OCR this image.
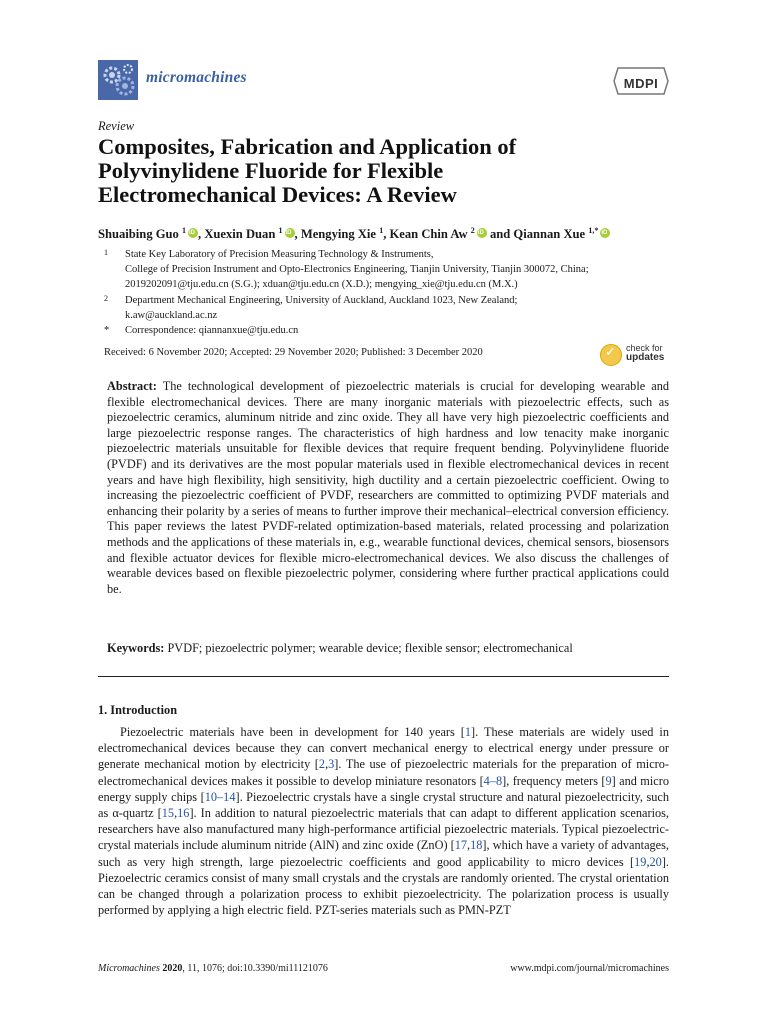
micromachines	MDPI
Review
Composites, Fabrication and Application of
Polyvinylidene Fluoride for Flexible
Electromechanical Devices: A Review
Shuaibing Guo $^1$ iD , Xuexin Duan $^1$ iD , Mengying Xie $^1$, Kean Chin Aw $^2$iD and Qiannan Xue $^{1,*}$iD
1 State Key Laboratory of Precision Measuring Technology & Instruments,
College of Precision Instrument and Opto-Electronics Engineering, Tianjin University, Tianjin 300072, China;
2019202091@tju.edu.cn (S.G.); xduan@tju.edu.cn (X.D.); mengying_xie@tju.edu.cn (M.X.)
2 Department Mechanical Engineering, University of Auckland, Auckland 1023, New Zealand;
k.aw@auckland.ac.nz
* Correspondence: qiannanxue@tju.edu.cn
Received: 6 November 2020; Accepted: 29 November 2020; Published: 3 December 2020 ✓	check for
updates
Abstract: The technological development of piezoelectric materials is crucial for developing wearable and flexible electromechanical devices. There are many inorganic materials with piezoelectric effects, such as piezoelectric ceramics, aluminum nitride and zinc oxide. They all have very high piezoelectric coefficients and large piezoelectric response ranges. The characteristics of high hardness and low tenacity make inorganic piezoelectric materials unsuitable for flexible devices that require frequent bending. Polyvinylidene fluoride (PVDF) and its derivatives are the most popular materials used in flexible electromechanical devices in recent years and have high flexibility, high sensitivity, high ductility and a certain piezoelectric coefficient. Owing to increasing the piezoelectric coefficient of PVDF, researchers are committed to optimizing PVDF materials and enhancing their polarity by a series of means to further improve their mechanical–electrical conversion efficiency. This paper reviews the latest PVDF-related optimization-based materials, related processing and polarization methods and the applications of these materials in, e.g., wearable functional devices, chemical sensors, biosensors and flexible actuator devices for flexible micro-electromechanical devices. We also discuss the challenges of wearable devices based on flexible piezoelectric polymer, considering where further practical applications could be.
Keywords: PVDF; piezoelectric polymer; wearable device; flexible sensor; electromechanical
1. Introduction
Piezoelectric materials have been in development for 140 years [1]. These materials are widely used in electromechanical devices because they can convert mechanical energy to electrical energy under pressure or generate mechanical motion by electricity [2,3]. The use of piezoelectric materials for the preparation of micro-electromechanical devices makes it possible to develop miniature resonators [4–8], frequency meters [9] and micro energy supply chips [10–14]. Piezoelectric crystals have a single crystal structure and natural piezoelectricity, such as α-quartz [15,16]. In addition to natural piezoelectric materials that can adapt to different application scenarios, researchers have also manufactured many high-performance artificial piezoelectric materials. Typical piezoelectric-crystal materials include aluminum nitride (AlN) and zinc oxide (ZnO) [17,18], which have a variety of advantages, such as very high strength, large piezoelectric coefficients and good applicability to micro devices [19,20]. Piezoelectric ceramics consist of many small crystals and the crystals are randomly oriented. The crystal orientation can be changed through a polarization process to exhibit piezoelectricity. The polarization process is usually performed by applying a high electric field. PZT-series materials such as PMN-PZT
Micromachines 2020, 11, 1076; doi:10.3390/mi11121076	www.mdpi.com/journal/micromachines
